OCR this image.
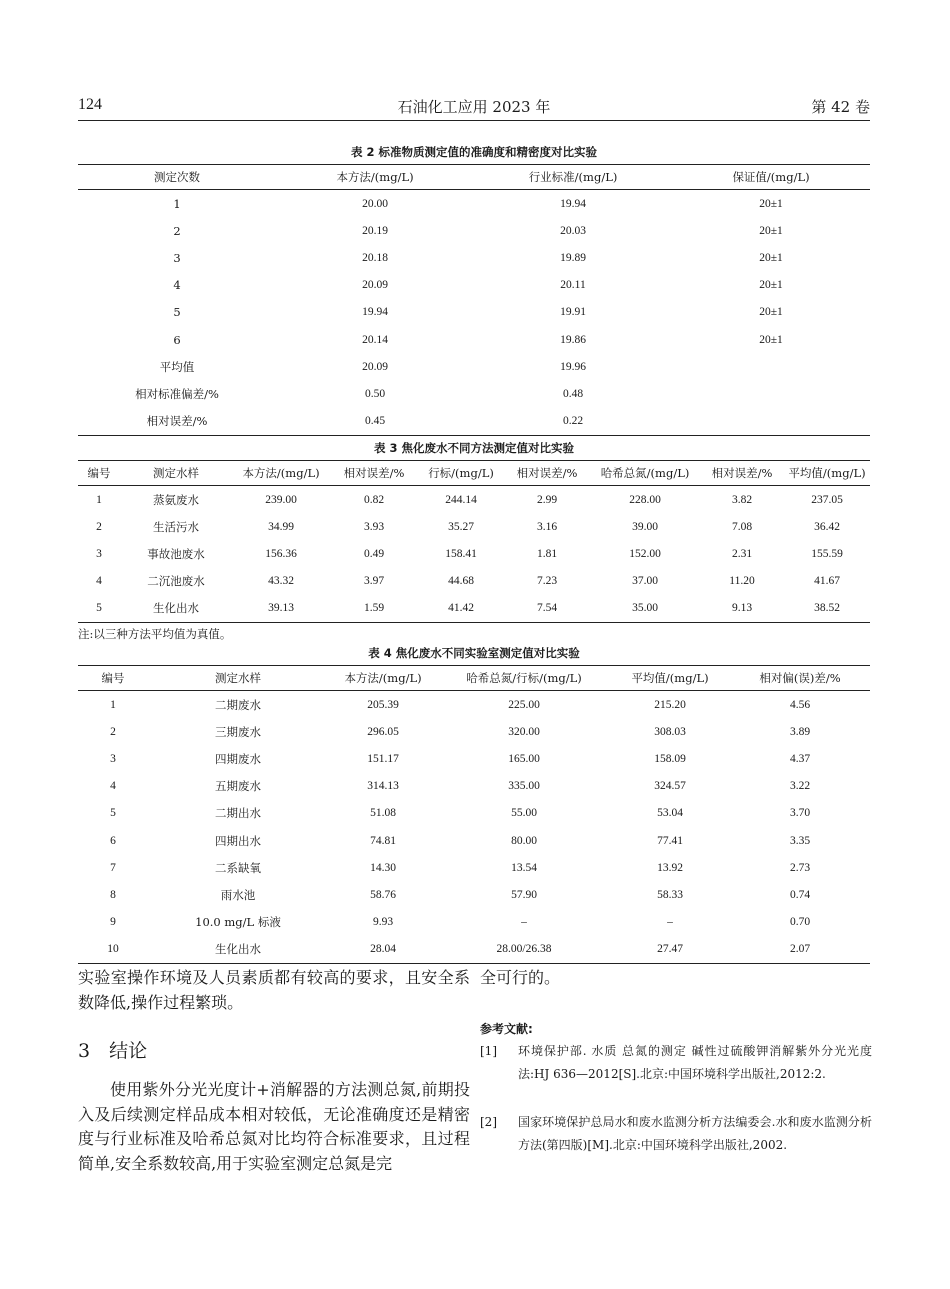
124	石油化工应用 2023 年	第 42 卷
表 2 标准物质测定值的准确度和精密度对比实验
测定次数	本方法/(mg/L)	行业标准/(mg/L)	保证值/(mg/L)
1	20.00	19.94	20±1
2	20.19	20.03	20±1
3	20.18	19.89	20±1
4	20.09	20.11	20±1
5	19.94	19.91	20±1
6	20.14	19.86	20±1
平均值	20.09	19.96	
相对标准偏差/%	0.50	0.48	
相对误差/%	0.45	0.22	
表 3 焦化废水不同方法测定值对比实验
编号	测定水样	本方法/(mg/L)	相对误差/%	行标/(mg/L)	相对误差/%	哈希总氮/(mg/L)	相对误差/%	平均值/(mg/L)
1	蒸氨废水	239.00	0.82	244.14	2.99	228.00	3.82	237.05
2	生活污水	34.99	3.93	35.27	3.16	39.00	7.08	36.42
3	事故池废水	156.36	0.49	158.41	1.81	152.00	2.31	155.59
4	二沉池废水	43.32	3.97	44.68	7.23	37.00	11.20	41.67
5	生化出水	39.13	1.59	41.42	7.54	35.00	9.13	38.52
注:以三种方法平均值为真值。
表 4 焦化废水不同实验室测定值对比实验
编号	测定水样	本方法/(mg/L)	哈希总氮/行标/(mg/L)	平均值/(mg/L)	相对偏(误)差/%
1	二期废水	205.39	225.00	215.20	4.56
2	三期废水	296.05	320.00	308.03	3.89
3	四期废水	151.17	165.00	158.09	4.37
4	五期废水	314.13	335.00	324.57	3.22
5	二期出水	51.08	55.00	53.04	3.70
6	四期出水	74.81	80.00	77.41	3.35
7	二系缺氧	14.30	13.54	13.92	2.73
8	雨水池	58.76	57.90	58.33	0.74
9	10.0 mg/L 标液	9.93	–	–	0.70
10	生化出水	28.04	28.00/26.38	27.47	2.07
实验室操作环境及人员素质都有较高的要求，且安全系数降低,操作过程繁琐。
3　结论
使用紫外分光光度计+消解器的方法测总氮,前期投入及后续测定样品成本相对较低，无论准确度还是精密度与行业标准及哈希总氮对比均符合标准要求，且过程简单,安全系数较高,用于实验室测定总氮是完
全可行的。
参考文献:
[1] 环境保护部. 水质 总氮的测定 碱性过硫酸钾消解紫外分光光度法:HJ 636—2012[S].北京:中国环境科学出版社,2012:2.
[2] 国家环境保护总局水和废水监测分析方法编委会.水和废水监测分析方法(第四版)[M].北京:中国环境科学出版社,2002.
